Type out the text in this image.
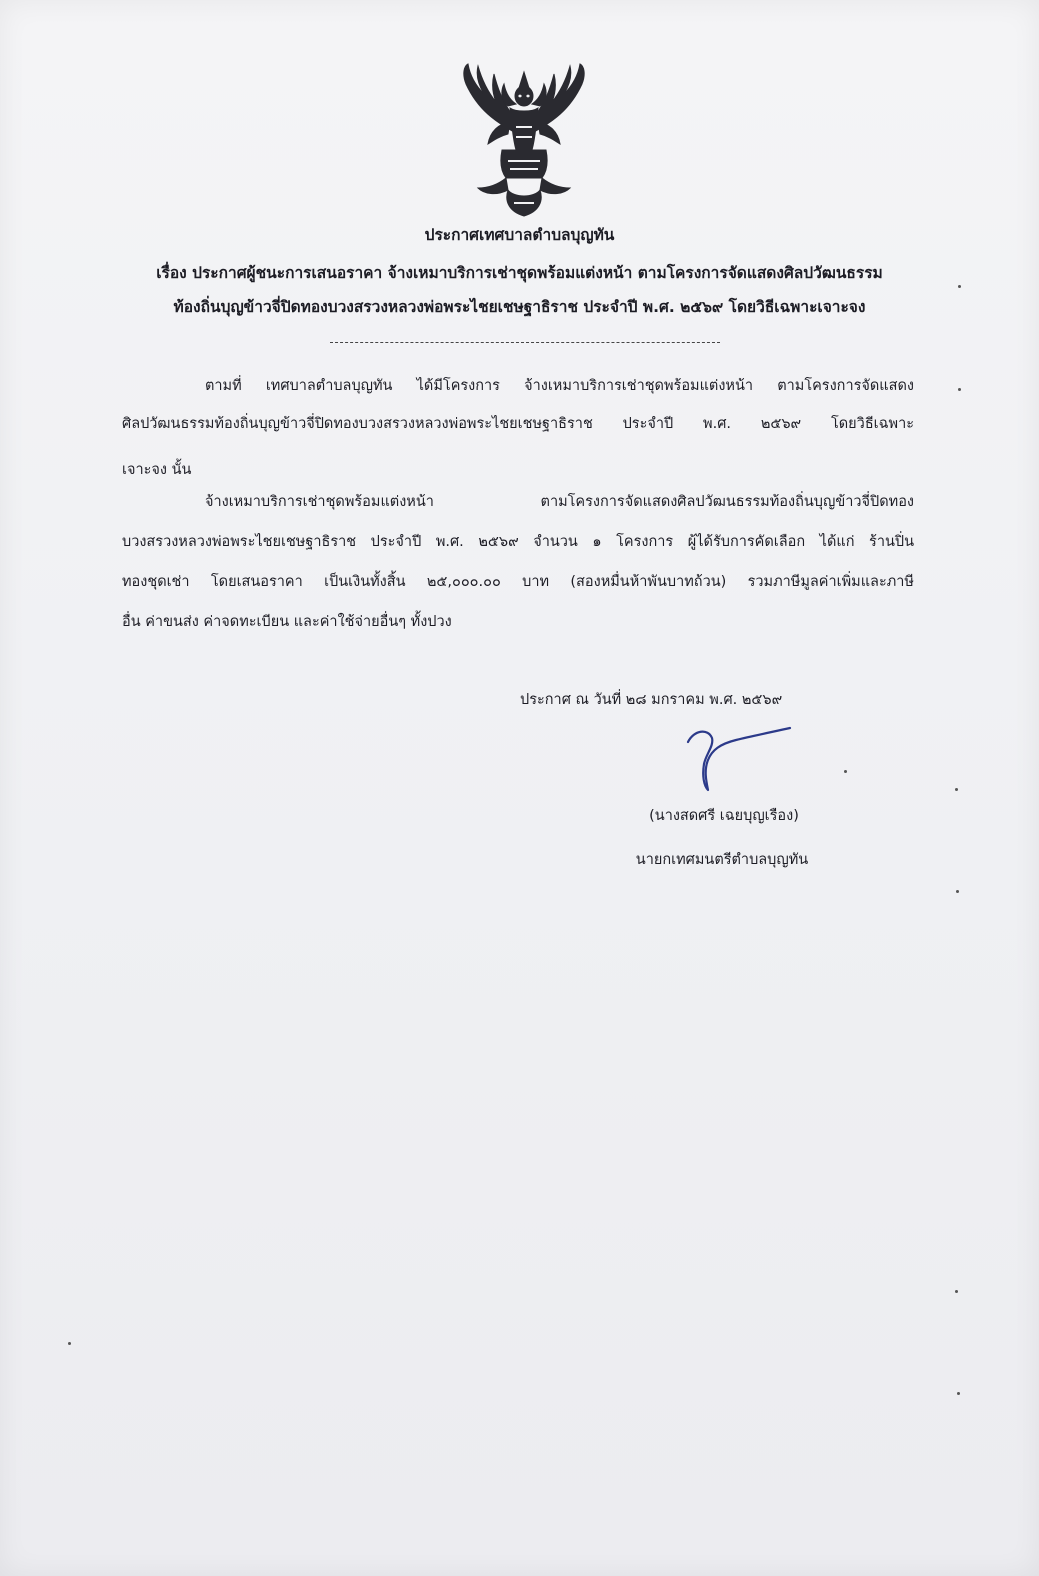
ประกาศเทศบาลตำบลบุญทัน
เรื่อง ประกาศผู้ชนะการเสนอราคา จ้างเหมาบริการเช่าชุดพร้อมแต่งหน้า ตามโครงการจัดแสดงศิลปวัฒนธรรม
ท้องถิ่นบุญข้าวจี่ปิดทองบวงสรวงหลวงพ่อพระไชยเชษฐาธิราช ประจำปี พ.ศ. ๒๕๖๙ โดยวิธีเฉพาะเจาะจง
ตามที่ เทศบาลตำบลบุญทัน ได้มีโครงการ จ้างเหมาบริการเช่าชุดพร้อมแต่งหน้า ตามโครงการจัดแสดง
ศิลปวัฒนธรรมท้องถิ่นบุญข้าวจี่ปิดทองบวงสรวงหลวงพ่อพระไชยเชษฐาธิราช ประจำปี พ.ศ. ๒๕๖๙ โดยวิธีเฉพาะ
เจาะจง นั้น
จ้างเหมาบริการเช่าชุดพร้อมแต่งหน้า ตามโครงการจัดแสดงศิลปวัฒนธรรมท้องถิ่นบุญข้าวจี่ปิดทอง
บวงสรวงหลวงพ่อพระไชยเชษฐาธิราช ประจำปี พ.ศ. ๒๕๖๙ จำนวน ๑ โครงการ ผู้ได้รับการคัดเลือก ได้แก่ ร้านปิ่น
ทองชุดเช่า โดยเสนอราคา เป็นเงินทั้งสิ้น ๒๕,๐๐๐.๐๐ บาท (สองหมื่นห้าพันบาทถ้วน) รวมภาษีมูลค่าเพิ่มและภาษี
อื่น ค่าขนส่ง ค่าจดทะเบียน และค่าใช้จ่ายอื่นๆ ทั้งปวง
ประกาศ ณ วันที่ ๒๘ มกราคม พ.ศ. ๒๕๖๙
(นางสดศรี เฉยบุญเรือง)
นายกเทศมนตรีตำบลบุญทัน
